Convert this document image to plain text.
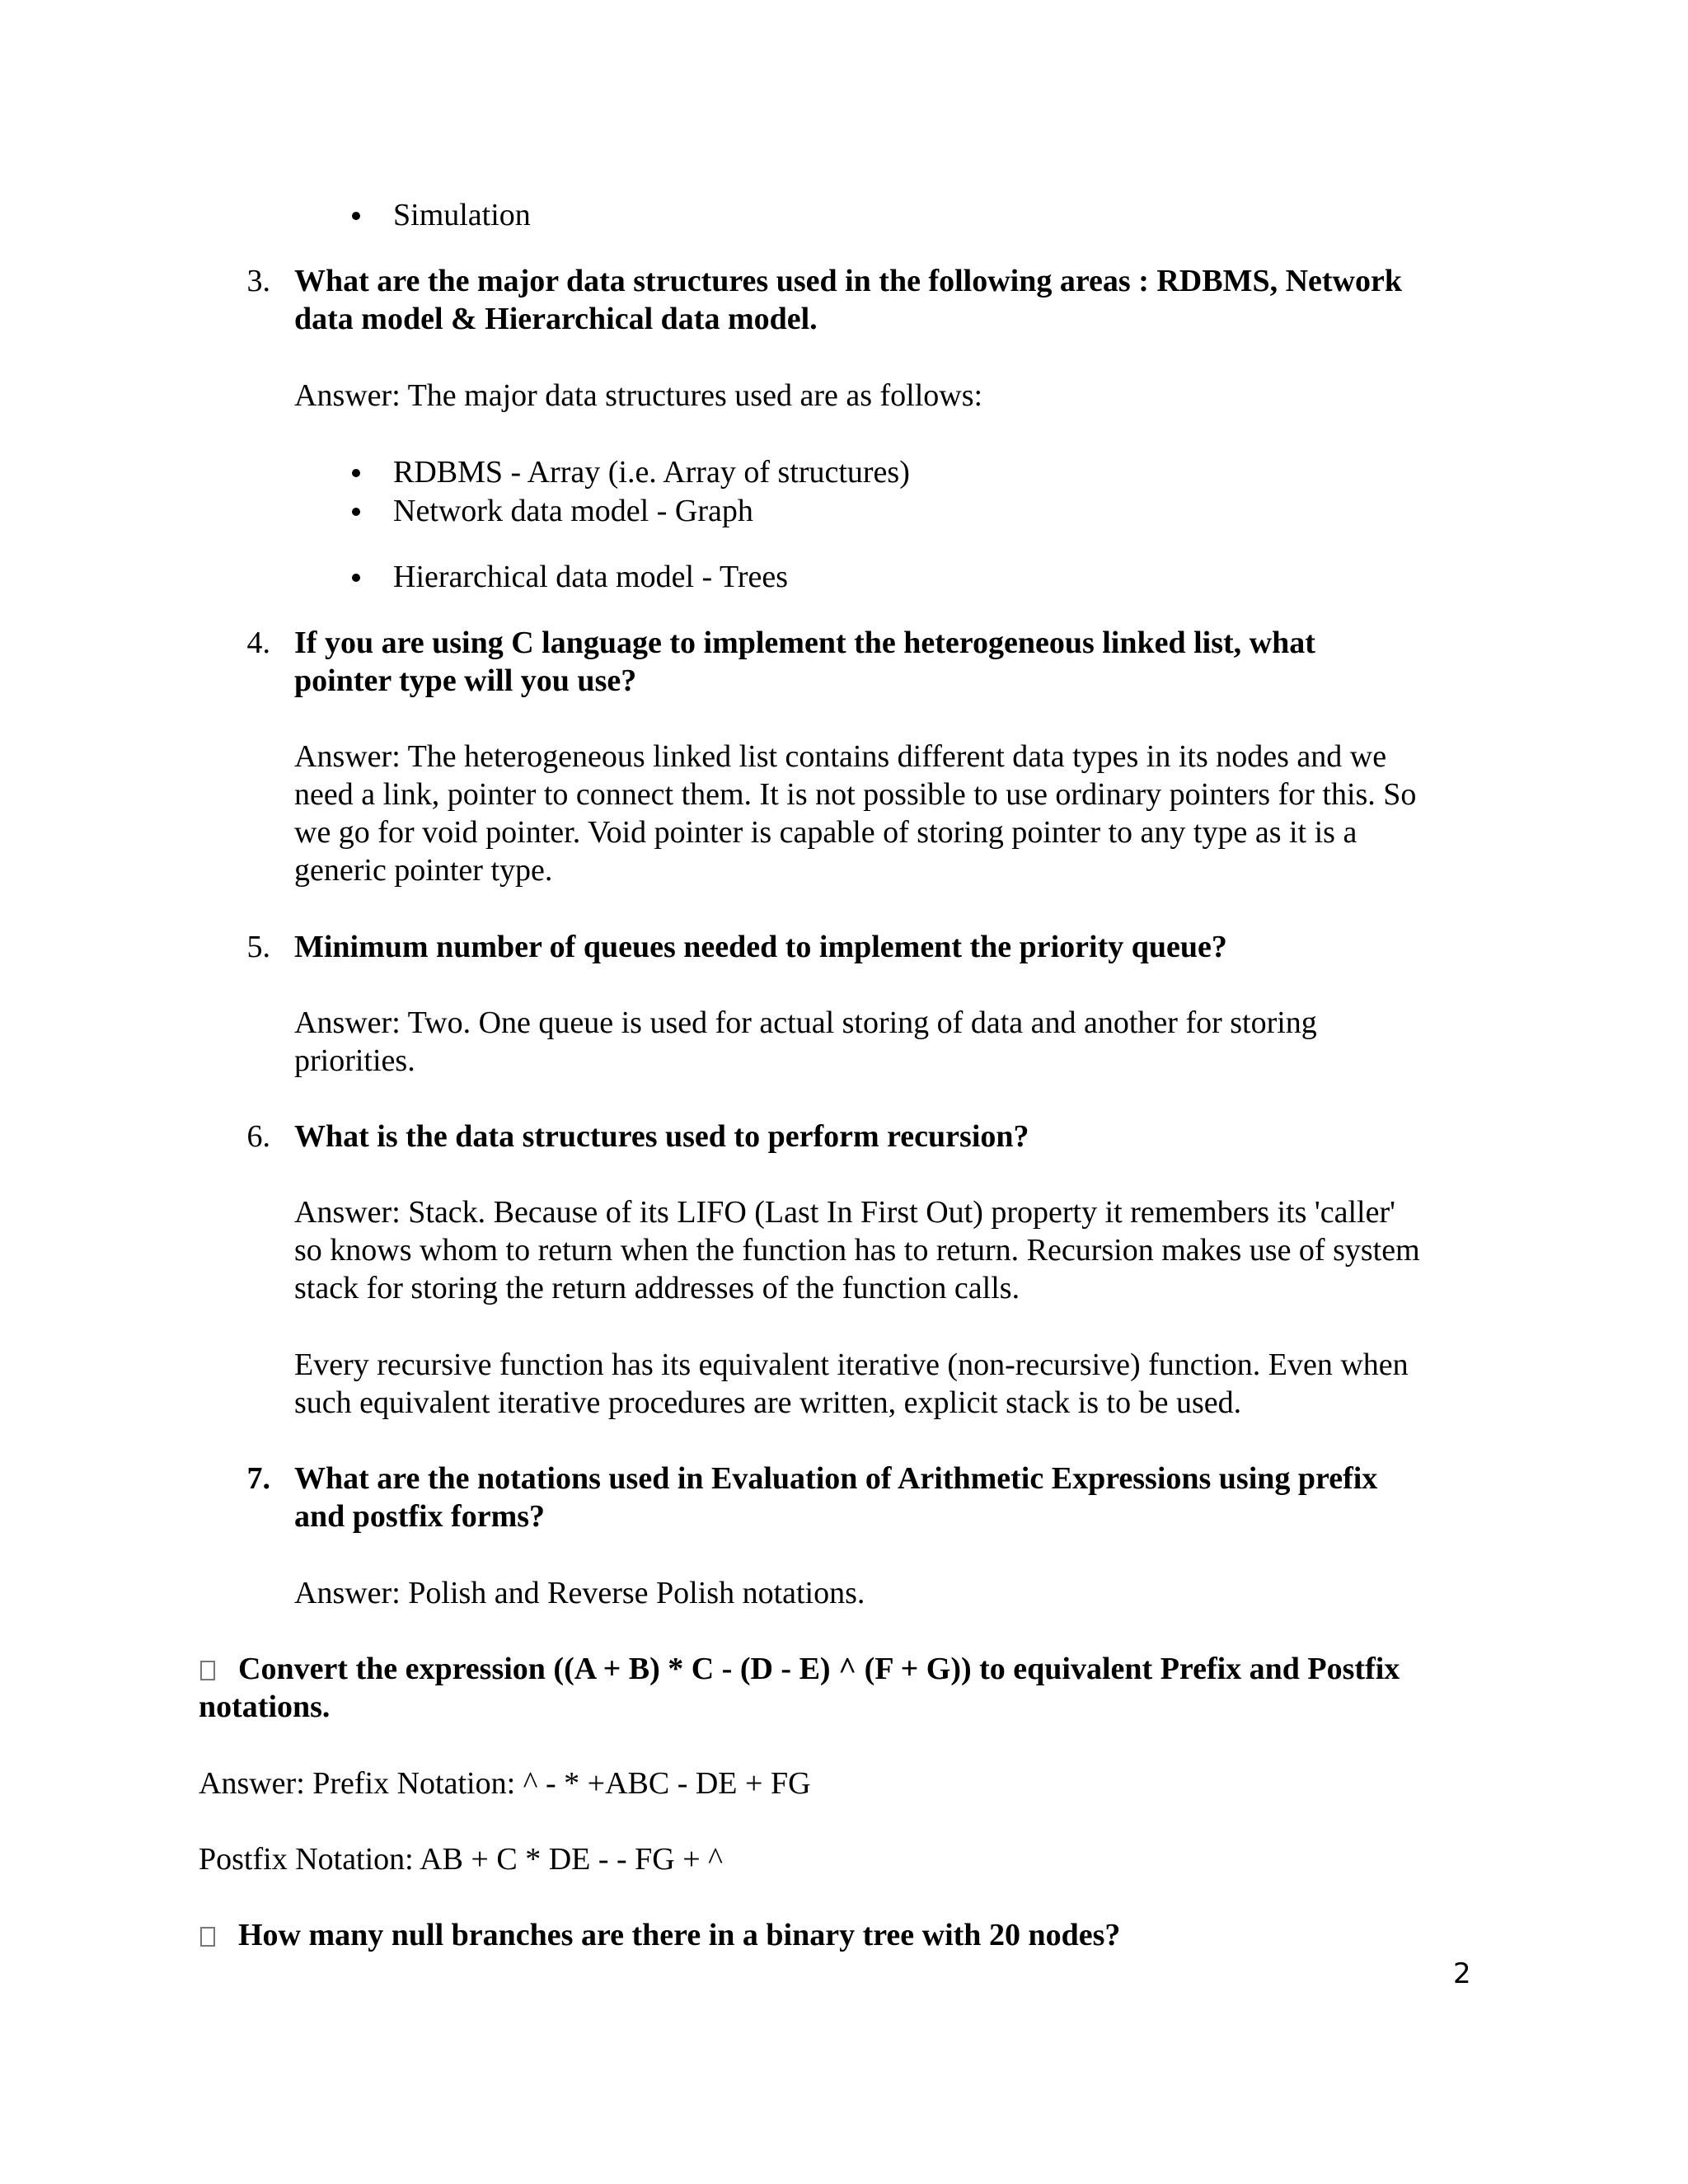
Simulation
3. What are the major data structures used in the following areas : RDBMS, Network
data model & Hierarchical data model.
Answer: The major data structures used are as follows:
RDBMS - Array (i.e. Array of structures)
Network data model - Graph
Hierarchical data model - Trees
4. If you are using C language to implement the heterogeneous linked list, what
pointer type will you use?
Answer: The heterogeneous linked list contains different data types in its nodes and we
need a link, pointer to connect them. It is not possible to use ordinary pointers for this. So
we go for void pointer. Void pointer is capable of storing pointer to any type as it is a
generic pointer type.
5. Minimum number of queues needed to implement the priority queue?
Answer: Two. One queue is used for actual storing of data and another for storing
priorities.
6. What is the data structures used to perform recursion?
Answer: Stack. Because of its LIFO (Last In First Out) property it remembers its 'caller'
so knows whom to return when the function has to return. Recursion makes use of system
stack for storing the return addresses of the function calls.
Every recursive function has its equivalent iterative (non-recursive) function. Even when
such equivalent iterative procedures are written, explicit stack is to be used.
7. What are the notations used in Evaluation of Arithmetic Expressions using prefix
and postfix forms?
Answer: Polish and Reverse Polish notations.
Convert the expression ((A + B) * C - (D - E) ^ (F + G)) to equivalent Prefix and Postfix
notations.
Answer: Prefix Notation: ^ - * +ABC - DE + FG
Postfix Notation: AB + C * DE - - FG + ^
How many null branches are there in a binary tree with 20 nodes?
2
